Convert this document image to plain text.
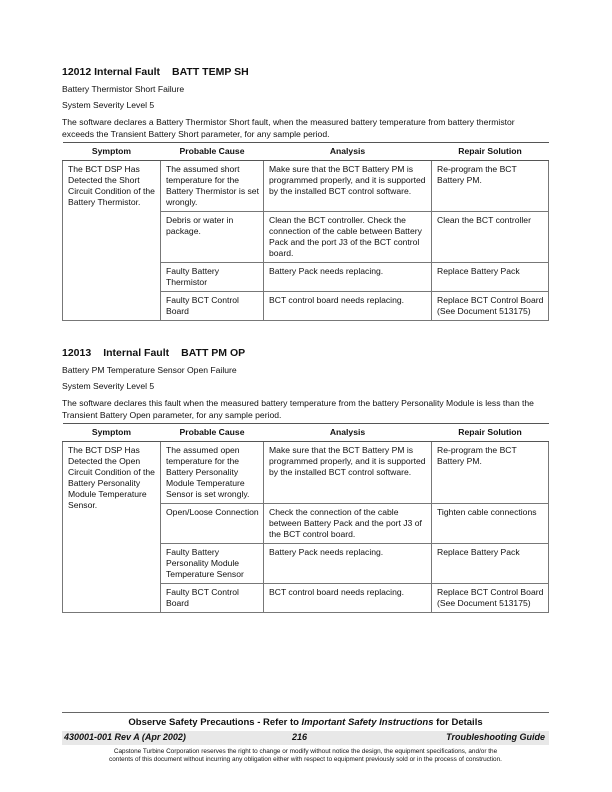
12012 Internal Fault BATT TEMP SH
Battery Thermistor Short Failure
System Severity Level 5
The software declares a Battery Thermistor Short fault, when the measured battery temperature from battery thermistor exceeds the Transient Battery Short parameter, for any sample period.
Symptom	Probable Cause	Analysis	Repair Solution
The BCT DSP Has Detected the Short Circuit Condition of the Battery Thermistor.	The assumed short temperature for the Battery Thermistor is set wrongly.	Make sure that the BCT Battery PM is programmed properly, and it is supported by the installed BCT control software.	Re-program the BCT Battery PM.
	Debris or water in package.	Clean the BCT controller. Check the connection of the cable between Battery Pack and the port J3 of the BCT control board.	Clean the BCT controller
	Faulty Battery Thermistor	Battery Pack needs replacing.	Replace Battery Pack
	Faulty BCT Control Board	BCT control board needs replacing.	Replace BCT Control Board (See Document 513175)
12013 Internal Fault BATT PM OP
Battery PM Temperature Sensor Open Failure
System Severity Level 5
The software declares this fault when the measured battery temperature from the battery Personality Module is less than the Transient Battery Open parameter, for any sample period.
Symptom	Probable Cause	Analysis	Repair Solution
The BCT DSP Has Detected the Open Circuit Condition of the Battery Personality Module Temperature Sensor.	The assumed open temperature for the Battery Personality Module Temperature Sensor is set wrongly.	Make sure that the BCT Battery PM is programmed properly, and it is supported by the installed BCT control software.	Re-program the BCT Battery PM.
	Open/Loose Connection	Check the connection of the cable between Battery Pack and the port J3 of the BCT control board.	Tighten cable connections
	Faulty Battery Personality Module Temperature Sensor	Battery Pack needs replacing.	Replace Battery Pack
	Faulty BCT Control Board	BCT control board needs replacing.	Replace BCT Control Board (See Document 513175)
Observe Safety Precautions - Refer to Important Safety Instructions for Details
430001-001 Rev A (Apr 2002)	216	Troubleshooting Guide
Capstone Turbine Corporation reserves the right to change or modify without notice the design, the equipment specifications, and/or the
contents of this document without incurring any obligation either with respect to equipment previously sold or in the process of construction.
